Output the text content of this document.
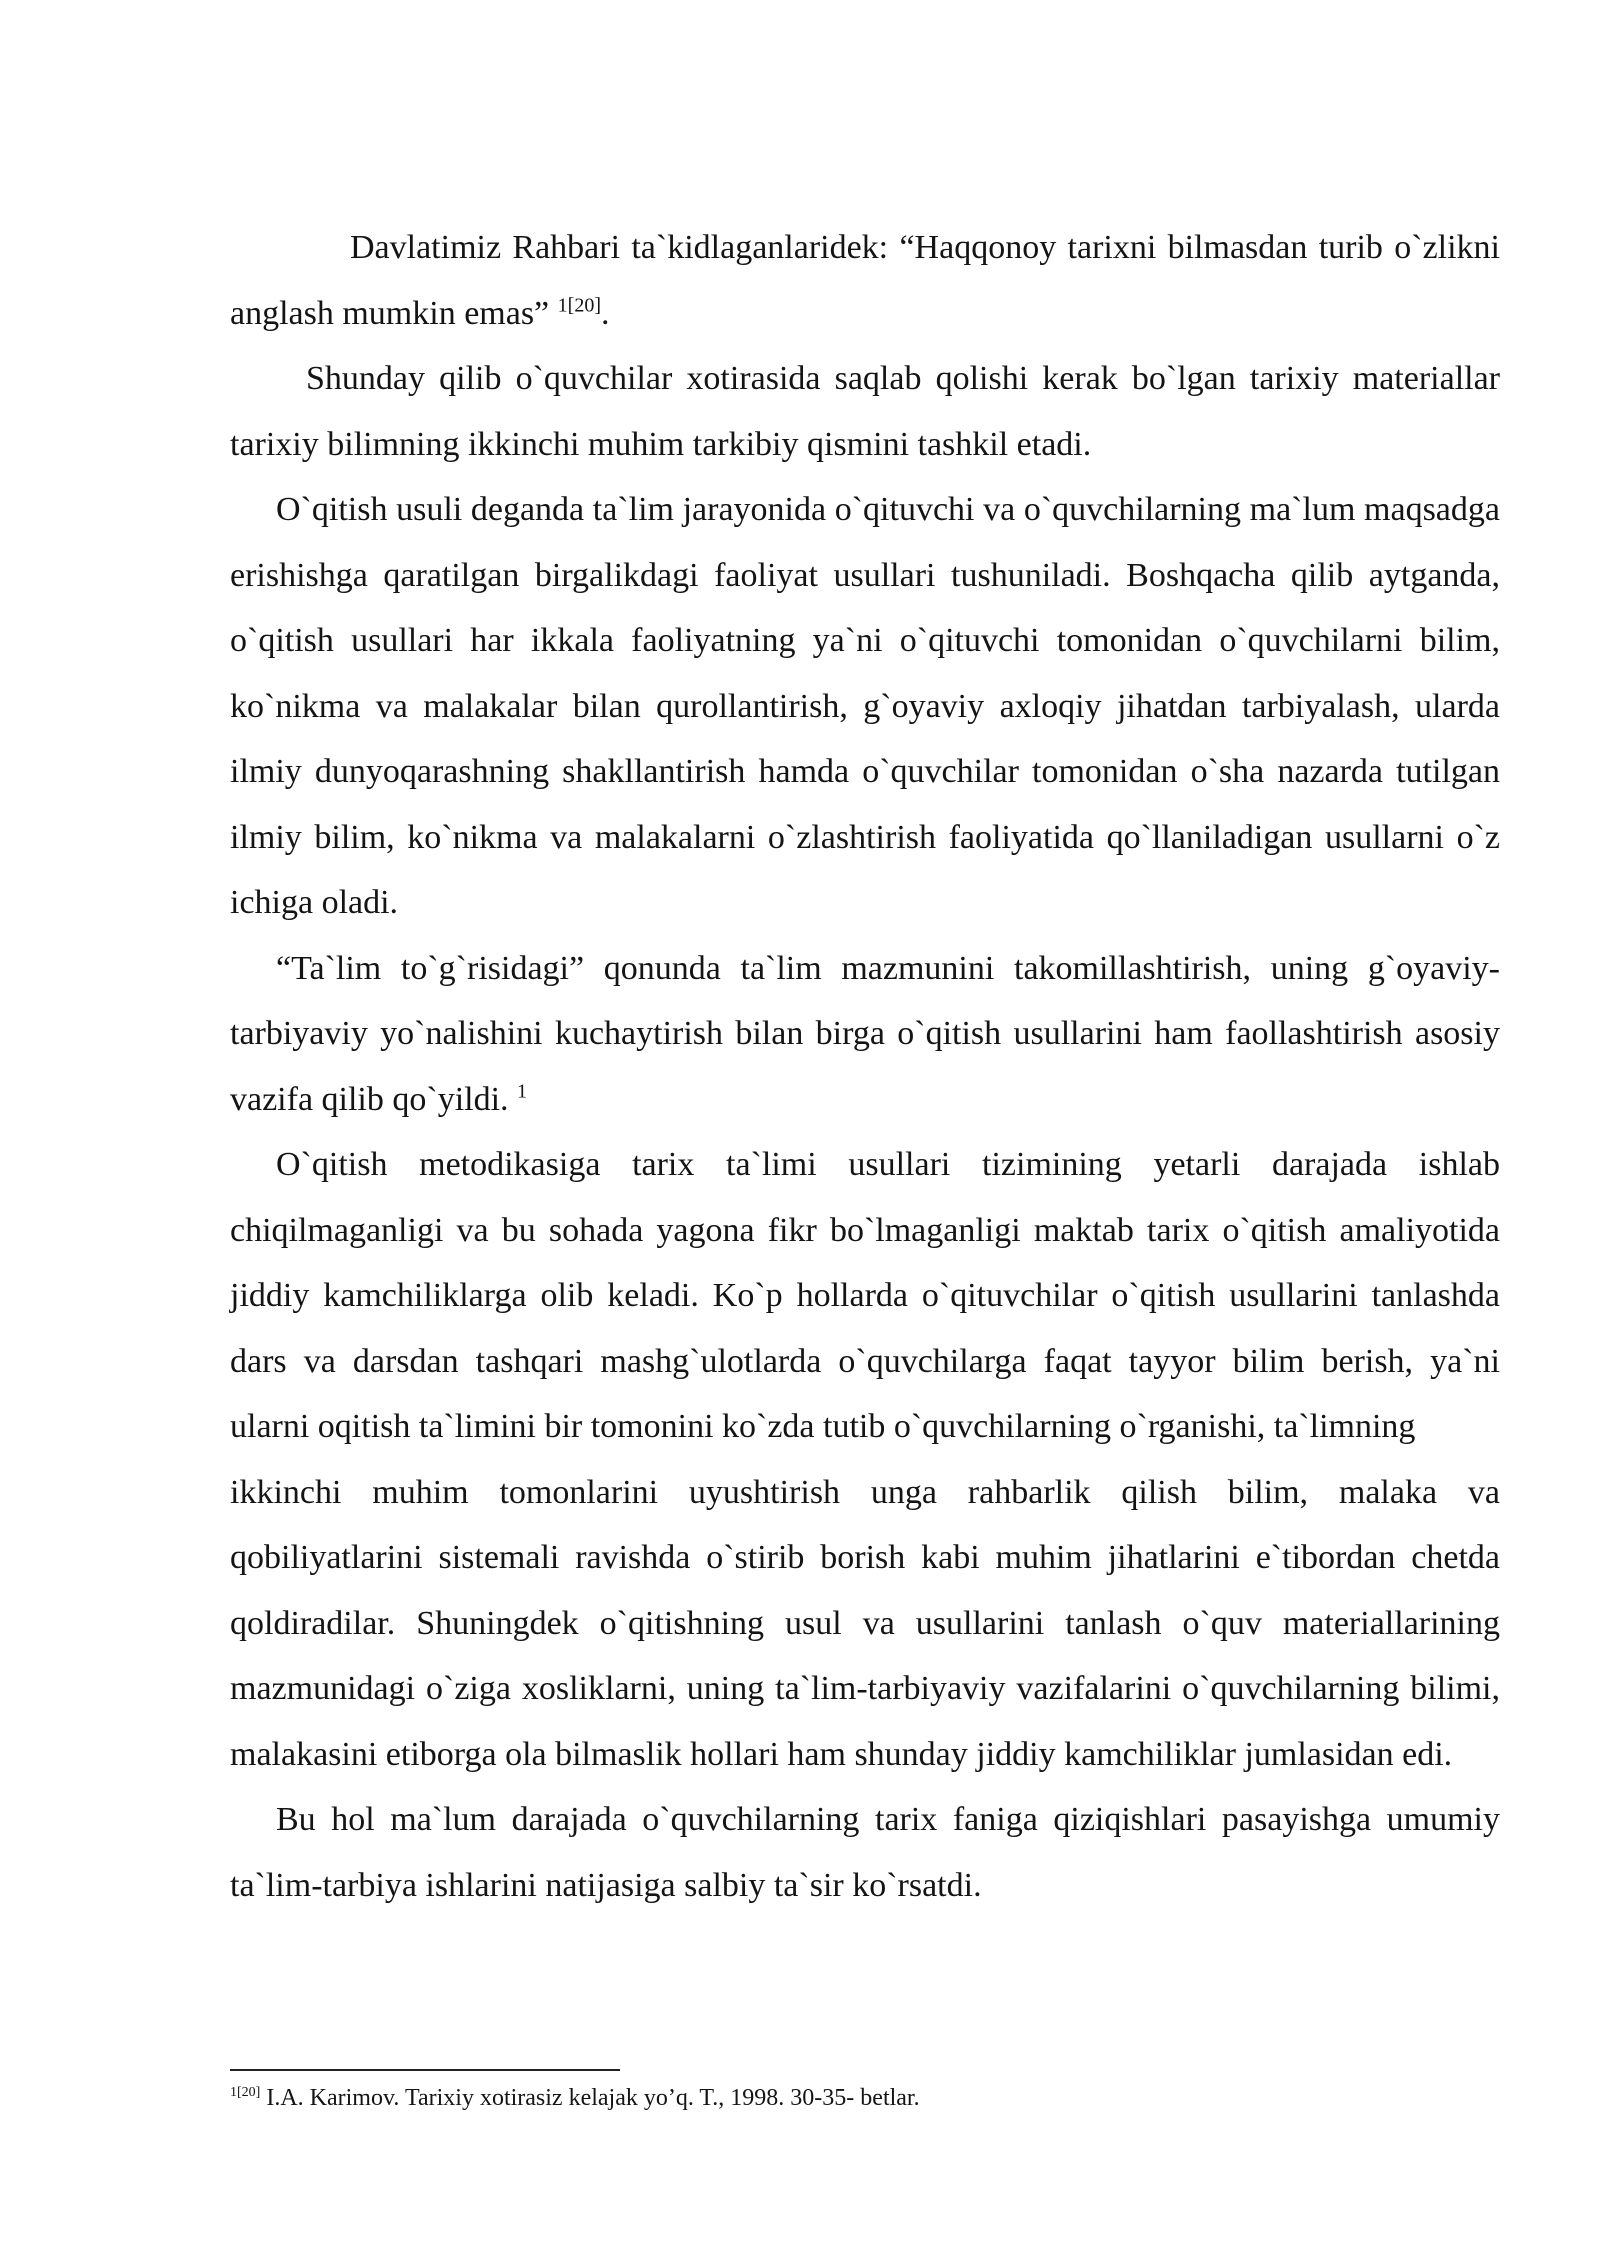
Davlatimiz Rahbari ta`kidlaganlaridek: “Haqqonoy tarixni bilmasdan turib o`zlikni anglash mumkin emas” $^{1[20]}$.

Shunday qilib o`quvchilar xotirasida saqlab qolishi kerak bo`lgan tarixiy materiallar tarixiy bilimning ikkinchi muhim tarkibiy qismini tashkil etadi.

O`qitish usuli deganda ta`lim jarayonida o`qituvchi va o`quvchilarning ma`lum maqsadga erishishga qaratilgan birgalikdagi faoliyat usullari tushuniladi. Boshqacha qilib aytganda, o`qitish usullari har ikkala faoliyatning ya`ni o`qituvchi tomonidan o`quvchilarni bilim, ko`nikma va malakalar bilan qurollantirish, g`oyaviy axloqiy jihatdan tarbiyalash, ularda ilmiy dunyoqarashning shakllantirish hamda o`quvchilar tomonidan o`sha nazarda tutilgan ilmiy bilim, ko`nikma va malakalarni o`zlashtirish faoliyatida qo`llaniladigan usullarni o`z ichiga oladi.

“Ta`lim to`g`risidagi” qonunda ta`lim mazmunini takomillashtirish, uning g`oyaviy-tarbiyaviy yo`nalishini kuchaytirish bilan birga o`qitish usullarini ham faollashtirish asosiy vazifa qilib qo`yildi. $^1$

O`qitish metodikasiga tarix ta`limi usullari tizimining yetarli darajada ishlab chiqilmaganligi va bu sohada yagona fikr bo`lmaganligi maktab tarix o`qitish amaliyotida jiddiy kamchiliklarga olib keladi. Ko`p hollarda o`qituvchilar o`qitish usullarini tanlashda dars va darsdan tashqari mashg`ulotlarda o`quvchilarga faqat tayyor bilim berish, ya`ni ularni oqitish ta`limini bir tomonini ko`zda tutib o`quvchilarning o`rganishi, ta`limning

ikkinchi muhim tomonlarini uyushtirish unga rahbarlik qilish bilim, malaka va qobiliyatlarini sistemali ravishda o`stirib borish kabi muhim jihatlarini e`tibordan chetda qoldiradilar. Shuningdek o`qitishning usul va usullarini tanlash o`quv materiallarining mazmunidagi o`ziga xosliklarni, uning ta`lim-tarbiyaviy vazifalarini o`quvchilarning bilimi, malakasini etiborga ola bilmaslik hollari ham shunday jiddiy kamchiliklar jumlasidan edi.

Bu hol ma`lum darajada o`quvchilarning tarix faniga qiziqishlari pasayishga umumiy ta`lim-tarbiya ishlarini natijasiga salbiy ta`sir ko`rsatdi.

$^{1[20]}$ I.A. Karimov. Tarixiy xotirasiz kelajak yo’q. T., 1998. 30-35- betlar.
